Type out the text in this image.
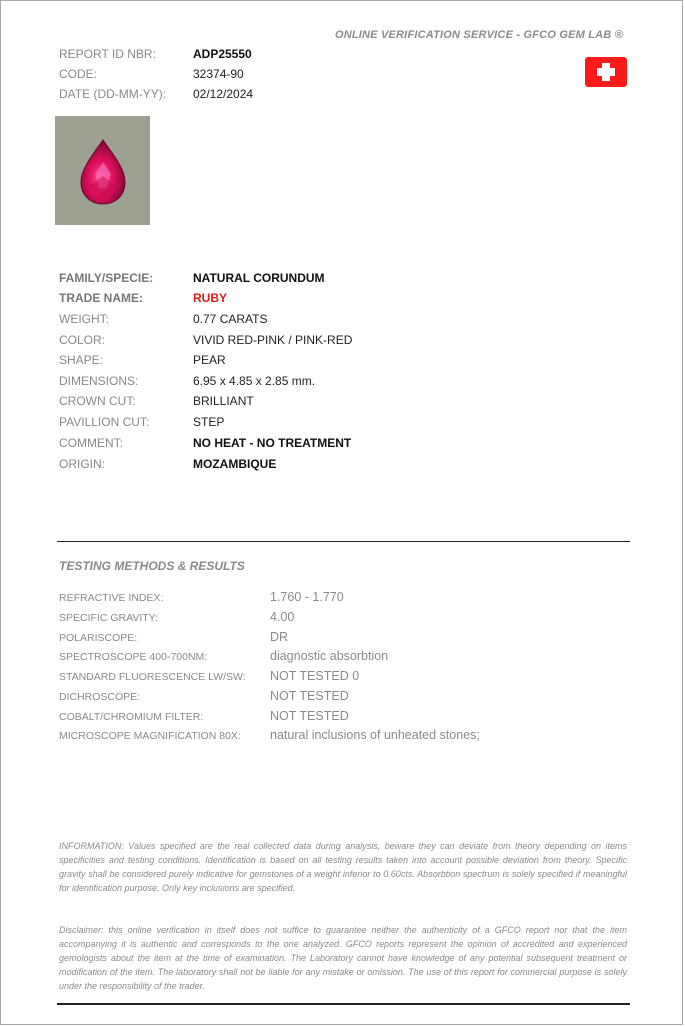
ONLINE VERIFICATION SERVICE - GFCO GEM LAB ®
REPORT ID NBR:	ADP25550
CODE:	32374-90
DATE (DD-MM-YY):	02/12/2024
FAMILY/SPECIE:	NATURAL CORUNDUM
TRADE NAME:	RUBY
WEIGHT:	0.77 CARATS
COLOR:	VIVID RED-PINK / PINK-RED
SHAPE:	PEAR
DIMENSIONS:	6.95 x 4.85 x 2.85 mm.
CROWN CUT:	BRILLIANT
PAVILLION CUT:	STEP
COMMENT:	NO HEAT - NO TREATMENT
ORIGIN:	MOZAMBIQUE
TESTING METHODS & RESULTS
REFRACTIVE INDEX:	1.760 - 1.770
SPECIFIC GRAVITY:	4.00
POLARISCOPE:	DR
SPECTROSCOPE 400-700NM:	diagnostic absorbtion
STANDARD FLUORESCENCE LW/SW: NOT TESTED 0
DICHROSCOPE:	NOT TESTED
COBALT/CHROMIUM FILTER:	NOT TESTED
MICROSCOPE MAGNIFICATION 80X: natural inclusions of unheated stones;
INFORMATION: Values specified are the real collected data during analysis, beware they can deviate from theory depending on items specificities and testing conditions. Identification is based on all testing results taken into account possible deviation from theory. Specific gravity shall be considered purely indicative for gemstones of a weight inferior to 0.60cts. Absorbtion spectrum is solely specified if meaningful for identification purpose. Only key inclusions are specified.
Disclaimer: this online verification in itself does not suffice to guarantee neither the authenticity of a GFCO report nor that the item accompanying it is authentic and corresponds to the one analyzed. GFCO reports represent the opinion of accredited and experienced gemologists about the item at the time of examination. The Laboratory cannot have knowledge of any potential subsequent treatment or modification of the item. The laboratory shall not be liable for any mistake or omission. The use of this report for commercial purpose is solely under the responsibility of the trader.
